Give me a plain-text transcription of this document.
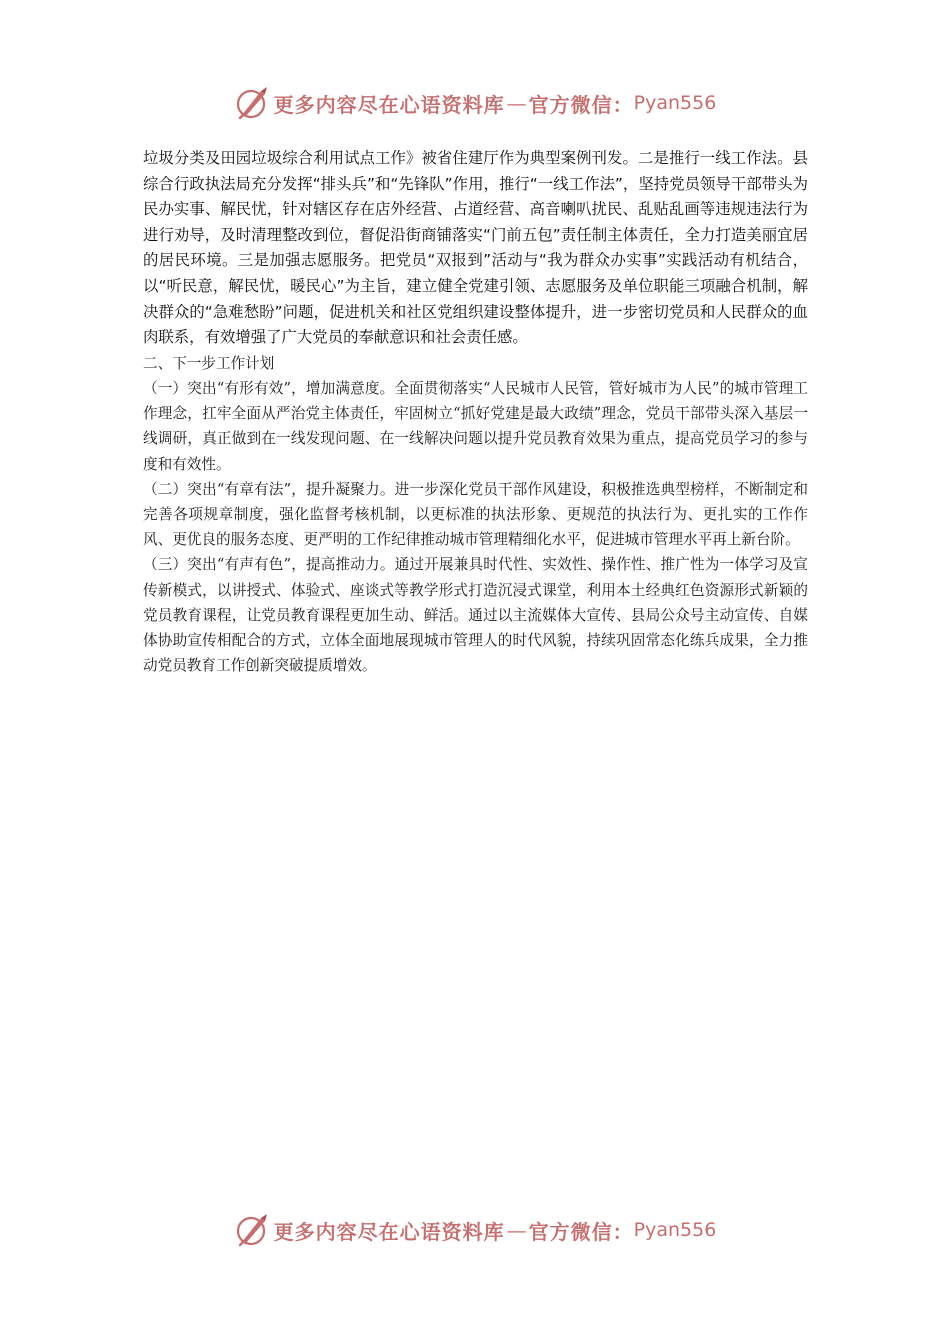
更多内容尽在心语资料库 — 官方微信： Pyan556

垃圾分类及田园垃圾综合利用试点工作》被省住建厅作为典型案例刊发。二是推行一线工作法。县综合行政执法局充分发挥“排头兵”和“先锋队”作用，推行“一线工作法”，坚持党员领导干部带头为民办实事、解民忧，针对辖区存在店外经营、占道经营、高音喇叭扰民、乱贴乱画等违规违法行为进行劝导，及时清理整改到位，督促沿街商铺落实“门前五包”责任制主体责任，全力打造美丽宜居的居民环境。三是加强志愿服务。把党员“双报到”活动与“我为群众办实事”实践活动有机结合，以“听民意，解民忧，暖民心”为主旨，建立健全党建引领、志愿服务及单位职能三项融合机制，解决群众的“急难愁盼”问题，促进机关和社区党组织建设整体提升，进一步密切党员和人民群众的血肉联系，有效增强了广大党员的奉献意识和社会责任感。

二、下一步工作计划

（一）突出“有形有效”，增加满意度。全面贯彻落实“人民城市人民管，管好城市为人民”的城市管理工作理念，扛牢全面从严治党主体责任，牢固树立“抓好党建是最大政绩”理念，党员干部带头深入基层一线调研，真正做到在一线发现问题、在一线解决问题以提升党员教育效果为重点，提高党员学习的参与度和有效性。

（二）突出“有章有法”，提升凝聚力。进一步深化党员干部作风建设，积极推选典型榜样，不断制定和完善各项规章制度，强化监督考核机制，以更标准的执法形象、更规范的执法行为、更扎实的工作作风、更优良的服务态度、更严明的工作纪律推动城市管理精细化水平，促进城市管理水平再上新台阶。

（三）突出“有声有色”，提高推动力。通过开展兼具时代性、实效性、操作性、推广性为一体学习及宣传新模式，以讲授式、体验式、座谈式等教学形式打造沉浸式课堂，利用本土经典红色资源形式新颖的党员教育课程，让党员教育课程更加生动、鲜活。通过以主流媒体大宣传、县局公众号主动宣传、自媒体协助宣传相配合的方式，立体全面地展现城市管理人的时代风貌，持续巩固常态化练兵成果，全力推动党员教育工作创新突破提质增效。

更多内容尽在心语资料库 — 官方微信： Pyan556
